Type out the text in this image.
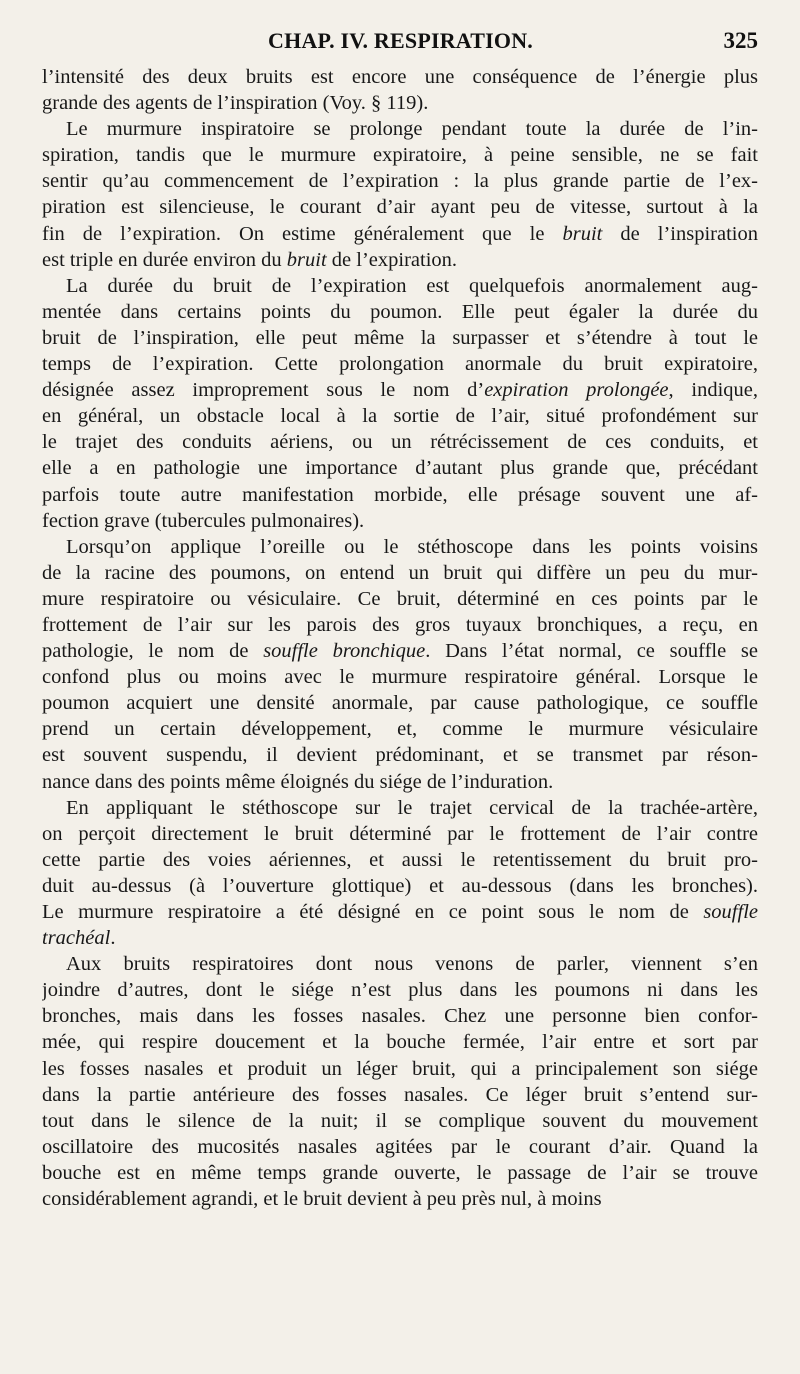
CHAP. IV. RESPIRATION.	325
l’intensité des deux bruits est encore une conséquence de l’énergie plus
grande des agents de l’inspiration (Voy. § 119).
Le murmure inspiratoire se prolonge pendant toute la durée de l’in-
spiration, tandis que le murmure expiratoire, à peine sensible, ne se fait
sentir qu’au commencement de l’expiration : la plus grande partie de l’ex-
piration est silencieuse, le courant d’air ayant peu de vitesse, surtout à la
fin de l’expiration. On estime généralement que le bruit de l’inspiration
est triple en durée environ du bruit de l’expiration.
La durée du bruit de l’expiration est quelquefois anormalement aug-
mentée dans certains points du poumon. Elle peut égaler la durée du
bruit de l’inspiration, elle peut même la surpasser et s’étendre à tout le
temps de l’expiration. Cette prolongation anormale du bruit expiratoire,
désignée assez improprement sous le nom d’expiration prolongée, indique,
en général, un obstacle local à la sortie de l’air, situé profondément sur
le trajet des conduits aériens, ou un rétrécissement de ces conduits, et
elle a en pathologie une importance d’autant plus grande que, précédant
parfois toute autre manifestation morbide, elle présage souvent une af-
fection grave (tubercules pulmonaires).
Lorsqu’on applique l’oreille ou le stéthoscope dans les points voisins
de la racine des poumons, on entend un bruit qui diffère un peu du mur-
mure respiratoire ou vésiculaire. Ce bruit, déterminé en ces points par le
frottement de l’air sur les parois des gros tuyaux bronchiques, a reçu, en
pathologie, le nom de souffle bronchique. Dans l’état normal, ce souffle se
confond plus ou moins avec le murmure respiratoire général. Lorsque le
poumon acquiert une densité anormale, par cause pathologique, ce souffle
prend un certain développement, et, comme le murmure vésiculaire
est souvent suspendu, il devient prédominant, et se transmet par réson-
nance dans des points même éloignés du siége de l’induration.
En appliquant le stéthoscope sur le trajet cervical de la trachée-artère,
on perçoit directement le bruit déterminé par le frottement de l’air contre
cette partie des voies aériennes, et aussi le retentissement du bruit pro-
duit au-dessus (à l’ouverture glottique) et au-dessous (dans les bronches).
Le murmure respiratoire a été désigné en ce point sous le nom de souffle
trachéal.
Aux bruits respiratoires dont nous venons de parler, viennent s’en
joindre d’autres, dont le siége n’est plus dans les poumons ni dans les
bronches, mais dans les fosses nasales. Chez une personne bien confor-
mée, qui respire doucement et la bouche fermée, l’air entre et sort par
les fosses nasales et produit un léger bruit, qui a principalement son siége
dans la partie antérieure des fosses nasales. Ce léger bruit s’entend sur-
tout dans le silence de la nuit; il se complique souvent du mouvement
oscillatoire des mucosités nasales agitées par le courant d’air. Quand la
bouche est en même temps grande ouverte, le passage de l’air se trouve
considérablement agrandi, et le bruit devient à peu près nul, à moins
